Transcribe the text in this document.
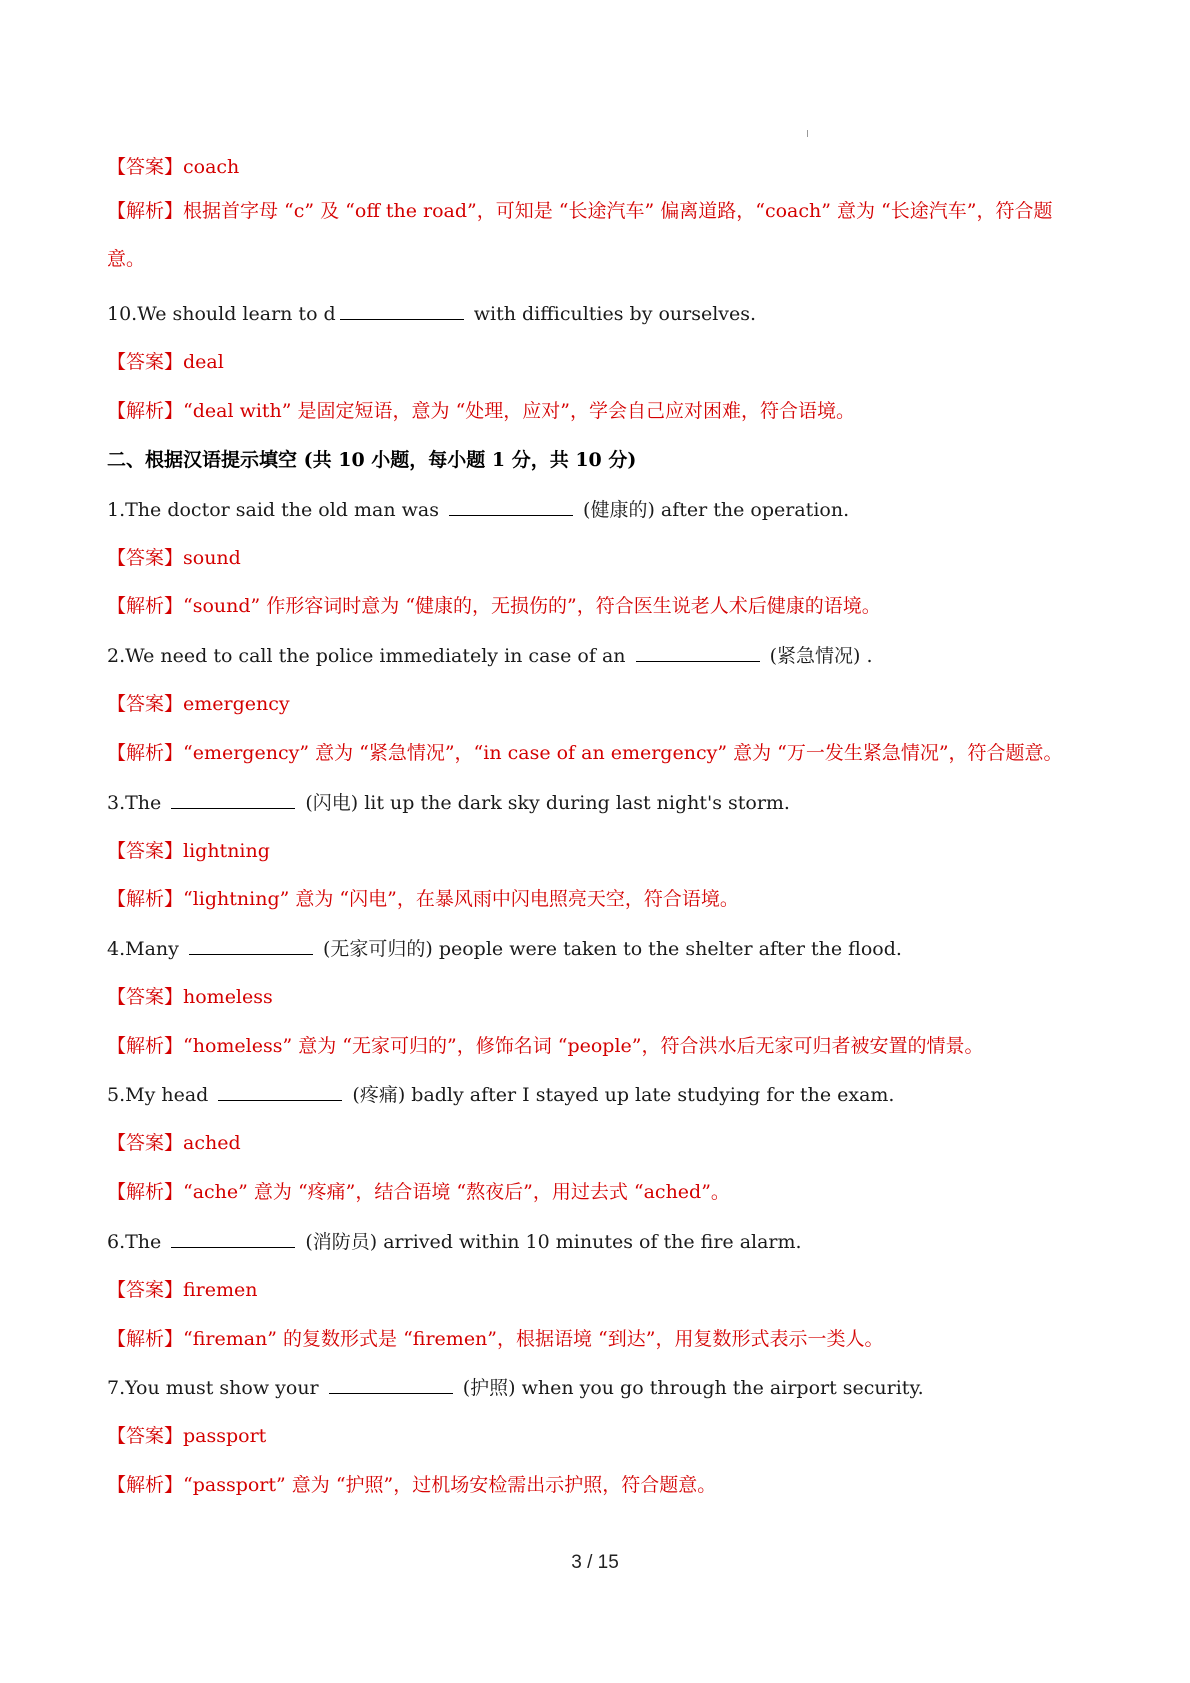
【答案】coach
【解析】根据首字母 “c” 及 “off the road”，可知是 “长途汽车” 偏离道路，“coach” 意为 “长途汽车”，符合题意。
10.We should learn to d	with difficulties by ourselves.
【答案】deal
【解析】“deal with” 是固定短语，意为 “处理，应对”，学会自己应对困难，符合语境。
二、根据汉语提示填空 (共 10 小题，每小题 1 分，共 10 分)
1.The doctor said the old man was	(健康的) after the operation.
【答案】sound
【解析】“sound” 作形容词时意为 “健康的，无损伤的”，符合医生说老人术后健康的语境。
2.We need to call the police immediately in case of an	(紧急情况) .
【答案】emergency
【解析】“emergency” 意为 “紧急情况”，“in case of an emergency” 意为 “万一发生紧急情况”，符合题意。
3.The	(闪电) lit up the dark sky during last night's storm.
【答案】lightning
【解析】“lightning” 意为 “闪电”，在暴风雨中闪电照亮天空，符合语境。
4.Many	(无家可归的) people were taken to the shelter after the flood.
【答案】homeless
【解析】“homeless” 意为 “无家可归的”，修饰名词 “people”，符合洪水后无家可归者被安置的情景。
5.My head	(疼痛) badly after I stayed up late studying for the exam.
【答案】ached
【解析】“ache” 意为 “疼痛”，结合语境 “熬夜后”，用过去式 “ached”。
6.The	(消防员) arrived within 10 minutes of the fire alarm.
【答案】firemen
【解析】“fireman” 的复数形式是 “firemen”，根据语境 “到达”，用复数形式表示一类人。
7.You must show your	(护照) when you go through the airport security.
【答案】passport
【解析】“passport” 意为 “护照”，过机场安检需出示护照，符合题意。
3 / 15
